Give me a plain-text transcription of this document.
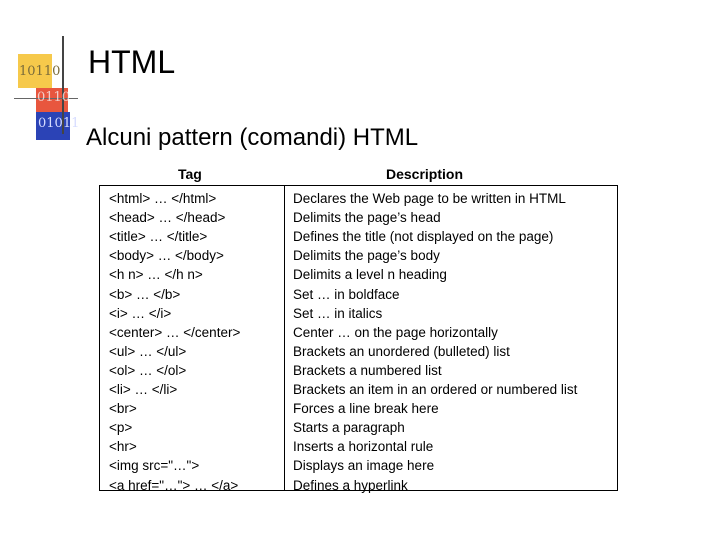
10110
0110
01011
HTML
Alcuni pattern (comandi) HTML
Tag	Description
<html> … </html>	Declares the Web page to be written in HTML
<head> … </head>	Delimits the page’s head
<title> … </title>	Defines the title (not displayed on the page)
<body> … </body>	Delimits the page’s body
<h n> … </h n>	Delimits a level n heading
<b> … </b>	Set … in boldface
<i> … </i>	Set … in italics
<center> … </center>	Center … on the page horizontally
<ul> … </ul>	Brackets an unordered (bulleted) list
<ol> … </ol>	Brackets a numbered list
<li> … </li>	Brackets an item in an ordered or numbered list
<br>	Forces a line break here
<p>	Starts a paragraph
<hr>	Inserts a horizontal rule
<img src="…">	Displays an image here
<a href="…"> … </a>	Defines a hyperlink
